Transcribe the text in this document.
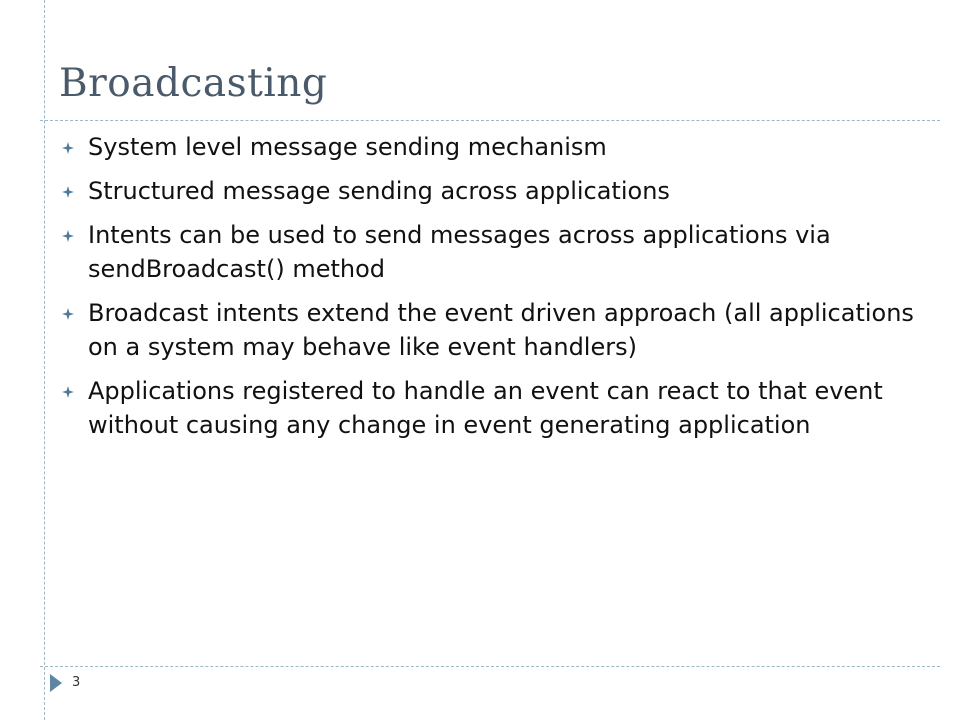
Broadcasting
System level message sending mechanism
Structured message sending across applications
Intents can be used to send messages across applications via sendBroadcast() method
Broadcast intents extend the event driven approach (all applications on a system may behave like event handlers)
Applications registered to handle an event can react to that event without causing any change in event generating application
3
